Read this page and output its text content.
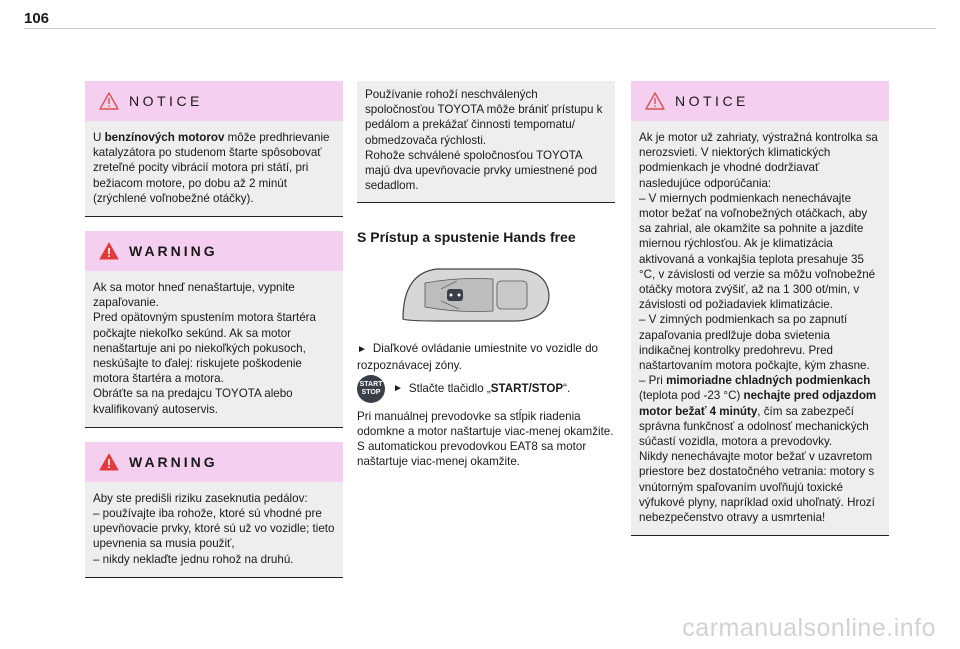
106
NOTICE
U benzínových motorov môže predhrievanie katalyzátora po studenom štarte spôsobovať zreteľné pocity vibrácií motora pri státí, pri bežiacom motore, po dobu až 2 minút (zrýchlené voľnobežné otáčky).
WARNING
Ak sa motor hneď nenaštartuje, vypnite zapaľovanie.
Pred opätovným spustením motora štartéra počkajte niekoľko sekúnd. Ak sa motor nenaštartuje ani po niekoľkých pokusoch, neskúšajte to ďalej: riskujete poškodenie motora štartéra a motora.
Obráťte sa na predajcu TOYOTA alebo kvalifikovaný autoservis.
WARNING
Aby ste predišli riziku zaseknutia pedálov:
– používajte iba rohože, ktoré sú vhodné pre upevňovacie prvky, ktoré sú už vo vozidle; tieto upevnenia sa musia použiť,
– nikdy neklaďte jednu rohož na druhú.
Používanie rohoží neschválených spoločnosťou TOYOTA môže brániť prístupu k pedálom a prekážať činnosti tempomatu/ obmedzovača rýchlosti.
Rohože schválené spoločnosťou TOYOTA majú dva upevňovacie prvky umiestnené pod sedadlom.
S Prístup a spustenie Hands free
► Diaľkové ovládanie umiestnite vo vozidle do rozpoznávacej zóny.
START
STOP	► Stlačte tlačidlo „ START/STOP “.
Pri manuálnej prevodovke sa stĺpik riadenia odomkne a motor naštartuje viac-menej okamžite.
S automatickou prevodovkou EAT8 sa motor naštartuje viac-menej okamžite.
NOTICE
Ak je motor už zahriaty, výstražná kontrolka sa nerozsvieti. V niektorých klimatických podmienkach je vhodné dodržiavať nasledujúce odporúčania:
– V miernych podmienkach nenechávajte motor bežať na voľnobežných otáčkach, aby sa zahrial, ale okamžite sa pohnite a jazdite miernou rýchlosťou. Ak je klimatizácia aktivovaná a vonkajšia teplota presahuje 35 °C, v závislosti od verzie sa môžu voľnobežné otáčky motora zvýšiť, až na 1 300 ot/min, v závislosti od požiadaviek klimatizácie.
– V zimných podmienkach sa po zapnutí zapaľovania predlžuje doba svietenia indikačnej kontrolky predohrevu. Pred naštartovaním motora počkajte, kým zhasne.
– Pri mimoriadne chladných podmienkach (teplota pod -23 °C) nechajte pred odjazdom motor bežať 4 minúty, čím sa zabezpečí správna funkčnosť a odolnosť mechanických súčastí vozidla, motora a prevodovky.
Nikdy nenechávajte motor bežať v uzavretom priestore bez dostatočného vetrania: motory s vnútorným spaľovaním uvoľňujú toxické výfukové plyny, napríklad oxid uhoľnatý. Hrozí nebezpečenstvo otravy a usmrtenia!
carmanualsonline.info
